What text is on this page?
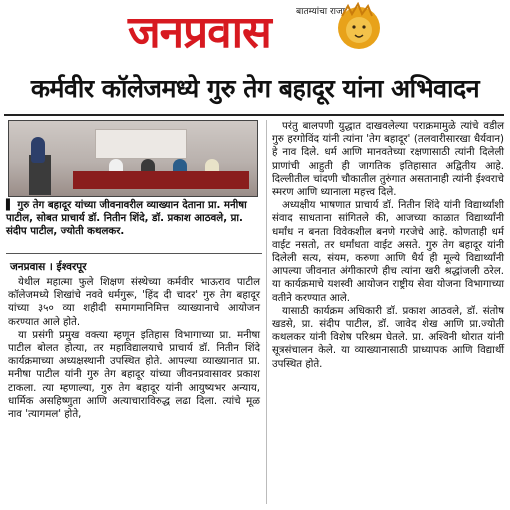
बातम्यांचा राजा
जनप्रवास
कर्मवीर कॉलेजमध्ये गुरु तेग बहादूर यांना अभिवादन
▌ गुरु तेग बहादूर यांच्या जीवनावरील व्याख्यान देताना प्रा. मनीषा पाटील, सोबत प्राचार्य डॉ. नितीन शिंदे, डॉ. प्रकाश आठवले, प्रा. संदीप पाटील, ज्योती कथलकर.
जनप्रवास । ईश्वरपूर

येथील महात्मा फुले शिक्षण संस्थेच्या कर्मवीर भाऊराव पाटील कॉलेजमध्ये शिखांचे नववे धर्मगुरू, 'हिंद दी चादर' गुरु तेग बहादूर यांच्या ३५० व्या शहीदी समागमानिमित्त व्याख्यानाचे आयोजन करण्यात आले होते.

या प्रसंगी प्रमुख वक्त्या म्हणून इतिहास विभागाच्या प्रा. मनीषा पाटील बोलत होत्या, तर महाविद्यालयाचे प्राचार्य डॉ. नितीन शिंदे कार्यक्रमाच्या अध्यक्षस्थानी उपस्थित होते. आपल्या व्याख्यानात प्रा. मनीषा पाटील यांनी गुरु तेग बहादूर यांच्या जीवनप्रवासावर प्रकाश टाकला. त्या म्हणाल्या, गुरु तेग बहादूर यांनी आयुष्यभर अन्याय, धार्मिक असहिष्णुता आणि अत्याचाराविरुद्ध लढा दिला. त्यांचे मूळ नाव 'त्यागमल' होते,

परंतु बालपणी युद्धात दाखवलेल्या पराक्रमामुळे त्यांचे वडील गुरु हरगोविंद यांनी त्यांना 'तेग बहादूर' (तलवारीसारखा धैर्यवान) हे नाव दिले. धर्म आणि मानवतेच्या रक्षणासाठी त्यांनी दिलेली प्राणांची आहुती ही जागतिक इतिहासात अद्वितीय आहे. दिल्लीतील चांदणी चौकातील तुरुंगात असतानाही त्यांनी ईश्वराचे स्मरण आणि ध्यानाला महत्त्व दिले.

अध्यक्षीय भाषणात प्राचार्य डॉ. नितीन शिंदे यांनी विद्यार्थ्यांशी संवाद साधताना सांगितले की, आजच्या काळात विद्यार्थ्यांनी धर्मांध न बनता विवेकशील बनणे गरजेचे आहे. कोणताही धर्म वाईट नसतो, तर धर्मांधता वाईट असते. गुरु तेग बहादूर यांनी दिलेली सत्य, संयम, करुणा आणि धैर्य ही मूल्ये विद्यार्थ्यांनी आपल्या जीवनात अंगीकारणे हीच त्यांना खरी श्रद्धांजली ठरेल. या कार्यक्रमाचे यशस्वी आयोजन राष्ट्रीय सेवा योजना विभागाच्या वतीने करण्यात आले.

यासाठी कार्यक्रम अधिकारी डॉ. प्रकाश आठवले, डॉ. संतोष खडसे, प्रा. संदीप पाटील, डॉ. जावेद शेख आणि प्रा.ज्योती कथलकर यांनी विशेष परिश्रम घेतले. प्रा. अश्विनी थोरात यांनी सूत्रसंचालन केले. या व्याख्यानासाठी प्राध्यापक आणि विद्यार्थी उपस्थित होते.
